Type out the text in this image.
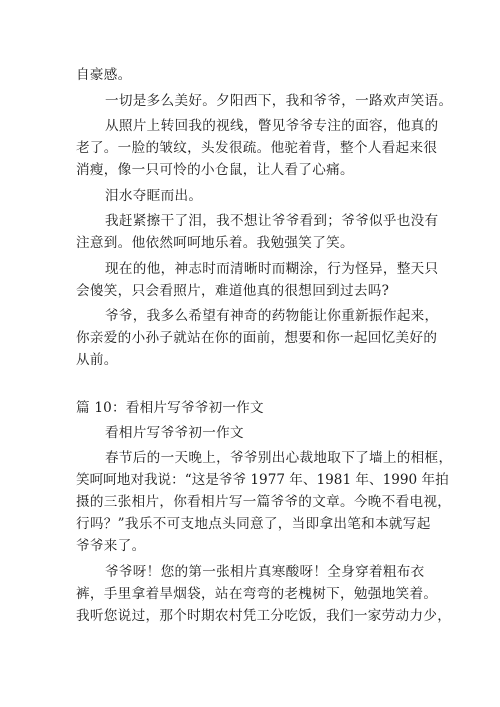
自豪感。
一切是多么美好。夕阳西下，我和爷爷，一路欢声笑语。
从照片上转回我的视线，瞥见爷爷专注的面容，他真的
老了。一脸的皱纹，头发很疏。他驼着背，整个人看起来很
消瘦，像一只可怜的小仓鼠，让人看了心痛。
泪水夺眶而出。
我赶紧擦干了泪，我不想让爷爷看到；爷爷似乎也没有
注意到。他依然呵呵地乐着。我勉强笑了笑。
现在的他，神志时而清晰时而糊涂，行为怪异，整天只
会傻笑，只会看照片，难道他真的很想回到过去吗?
爷爷，我多么希望有神奇的药物能让你重新振作起来，
你亲爱的小孙子就站在你的面前，想要和你一起回忆美好的
从前。
篇 10：看相片写爷爷初一作文
看相片写爷爷初一作文
春节后的一天晚上，爷爷别出心裁地取下了墙上的相框，
笑呵呵地对我说：“这是爷爷 1977 年、1981 年、1990 年拍
摄的三张相片，你看相片写一篇爷爷的文章。今晚不看电视，
行吗？”我乐不可支地点头同意了，当即拿出笔和本就写起
爷爷来了。
爷爷呀！您的第一张相片真寒酸呀！全身穿着粗布衣
裤，手里拿着旱烟袋，站在弯弯的老槐树下，勉强地笑着。
我听您说过，那个时期农村凭工分吃饭，我们一家劳动力少，
